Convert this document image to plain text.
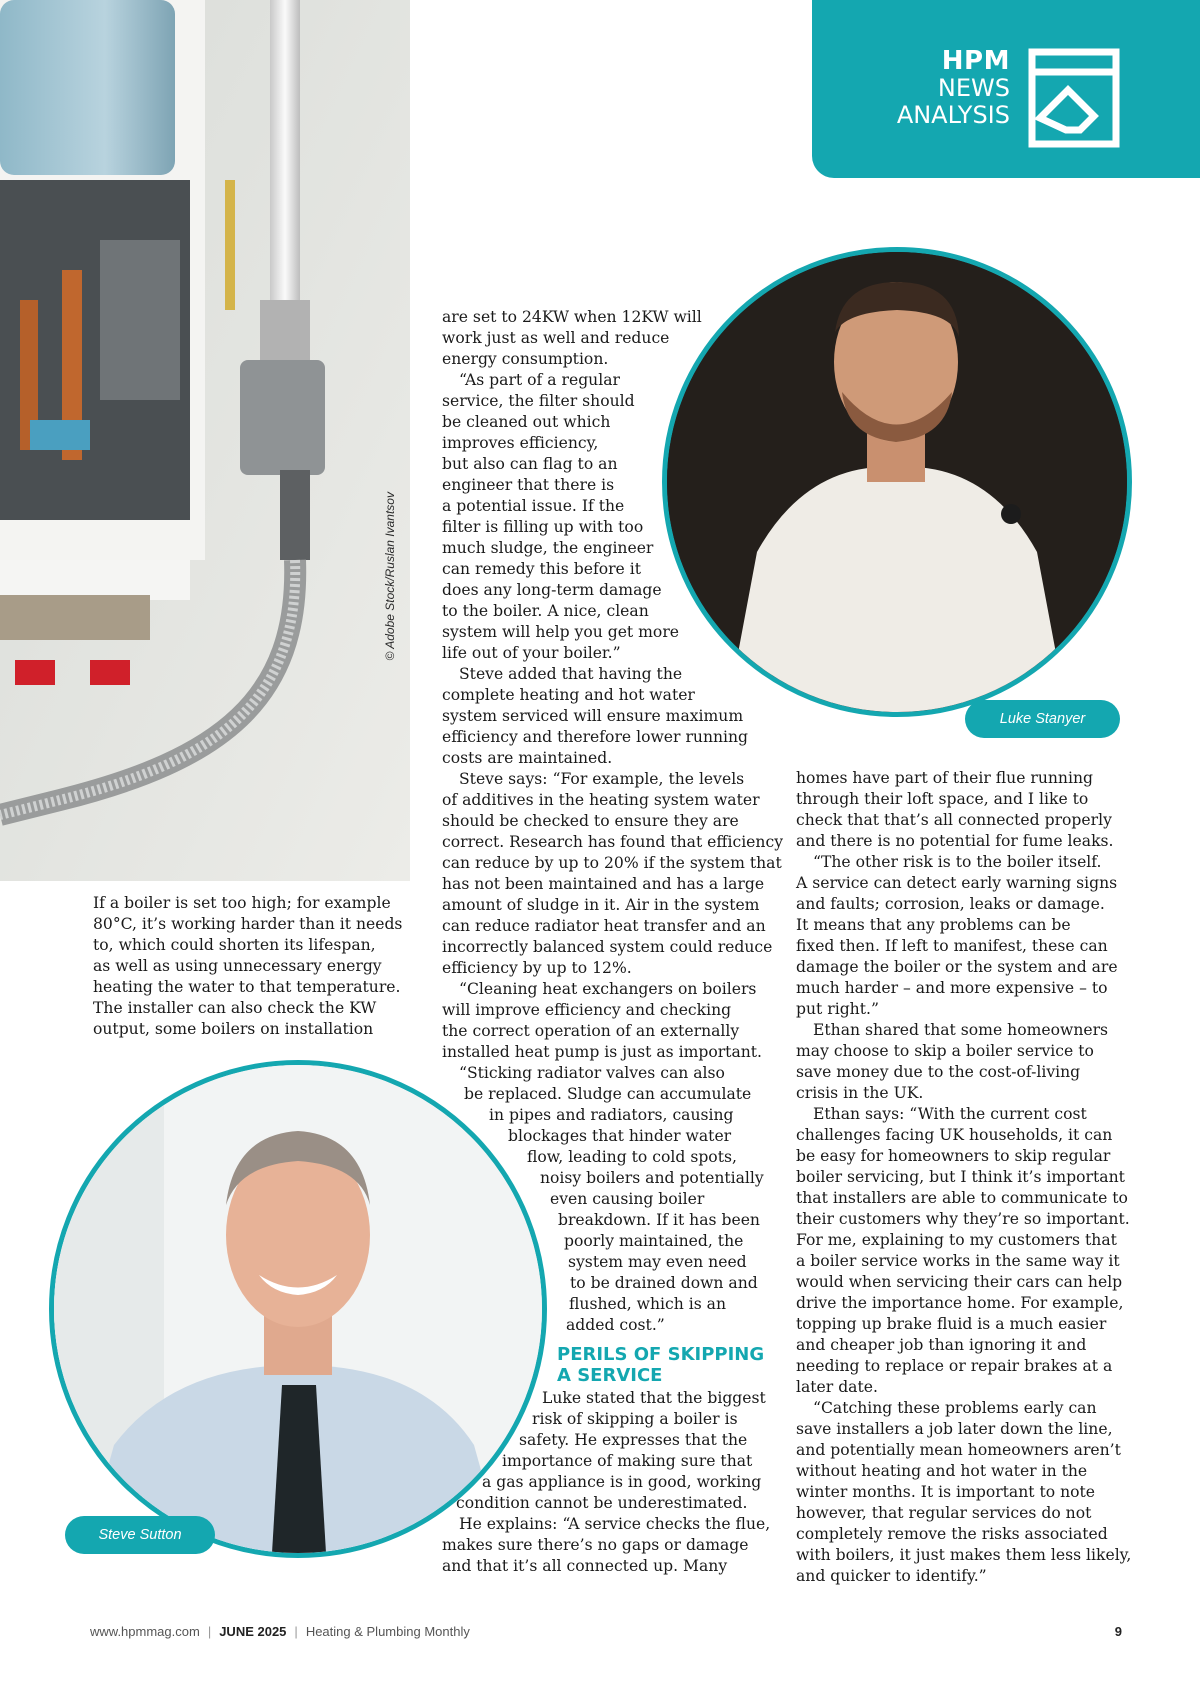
© Adobe Stock/Ruslan Ivantsov
HPM
NEWS
ANALYSIS

If a boiler is set too high; for example

80°C, it’s working harder than it needs

to, which could shorten its lifespan,

as well as using unnecessary energy

heating the water to that temperature.

The installer can also check the KW

output, some boilers on installation

Luke Stanyer

are set to 24KW when 12KW will

work just as well and reduce

energy consumption.

“As part of a regular

service, the filter should

be cleaned out which

improves efficiency,

but also can flag to an

engineer that there is

a potential issue. If the

filter is filling up with too

much sludge, the engineer

can remedy this before it

does any long-term damage

to the boiler. A nice, clean

system will help you get more

life out of your boiler.”

Steve added that having the

complete heating and hot water

system serviced will ensure maximum

efficiency and therefore lower running

costs are maintained.

Steve says: “For example, the levels

of additives in the heating system water

should be checked to ensure they are

correct. Research has found that efficiency

can reduce by up to 20% if the system that

has not been maintained and has a large

amount of sludge in it. Air in the system

can reduce radiator heat transfer and an

incorrectly balanced system could reduce

efficiency by up to 12%.

“Cleaning heat exchangers on boilers

will improve efficiency and checking

the correct operation of an externally

installed heat pump is just as important.

“Sticking radiator valves can also

be replaced. Sludge can accumulate

in pipes and radiators, causing

blockages that hinder water

flow, leading to cold spots,

noisy boilers and potentially

even causing boiler

breakdown. If it has been

poorly maintained, the

system may even need

to be drained down and

flushed, which is an

added cost.”

PERILS OF SKIPPING
A SERVICE

Luke stated that the biggest

risk of skipping a boiler is

safety. He expresses that the

importance of making sure that

a gas appliance is in good, working

condition cannot be underestimated.

He explains: “A service checks the flue,

makes sure there’s no gaps or damage

and that it’s all connected up. Many

homes have part of their flue running

through their loft space, and I like to

check that that’s all connected properly

and there is no potential for fume leaks.

“The other risk is to the boiler itself.

A service can detect early warning signs

and faults; corrosion, leaks or damage.

It means that any problems can be

fixed then. If left to manifest, these can

damage the boiler or the system and are

much harder – and more expensive – to

put right.”

Ethan shared that some homeowners

may choose to skip a boiler service to

save money due to the cost-of-living

crisis in the UK.

Ethan says: “With the current cost

challenges facing UK households, it can

be easy for homeowners to skip regular

boiler servicing, but I think it’s important

that installers are able to communicate to

their customers why they’re so important.

For me, explaining to my customers that

a boiler service works in the same way it

would when servicing their cars can help

drive the importance home. For example,

topping up brake fluid is a much easier

and cheaper job than ignoring it and

needing to replace or repair brakes at a

later date.

“Catching these problems early can

save installers a job later down the line,

and potentially mean homeowners aren’t

without heating and hot water in the

winter months. It is important to note

however, that regular services do not

completely remove the risks associated

with boilers, it just makes them less likely,

and quicker to identify.”

Steve Sutton
www.hpmmag.com | JUNE 2025 | Heating & Plumbing Monthly	9
